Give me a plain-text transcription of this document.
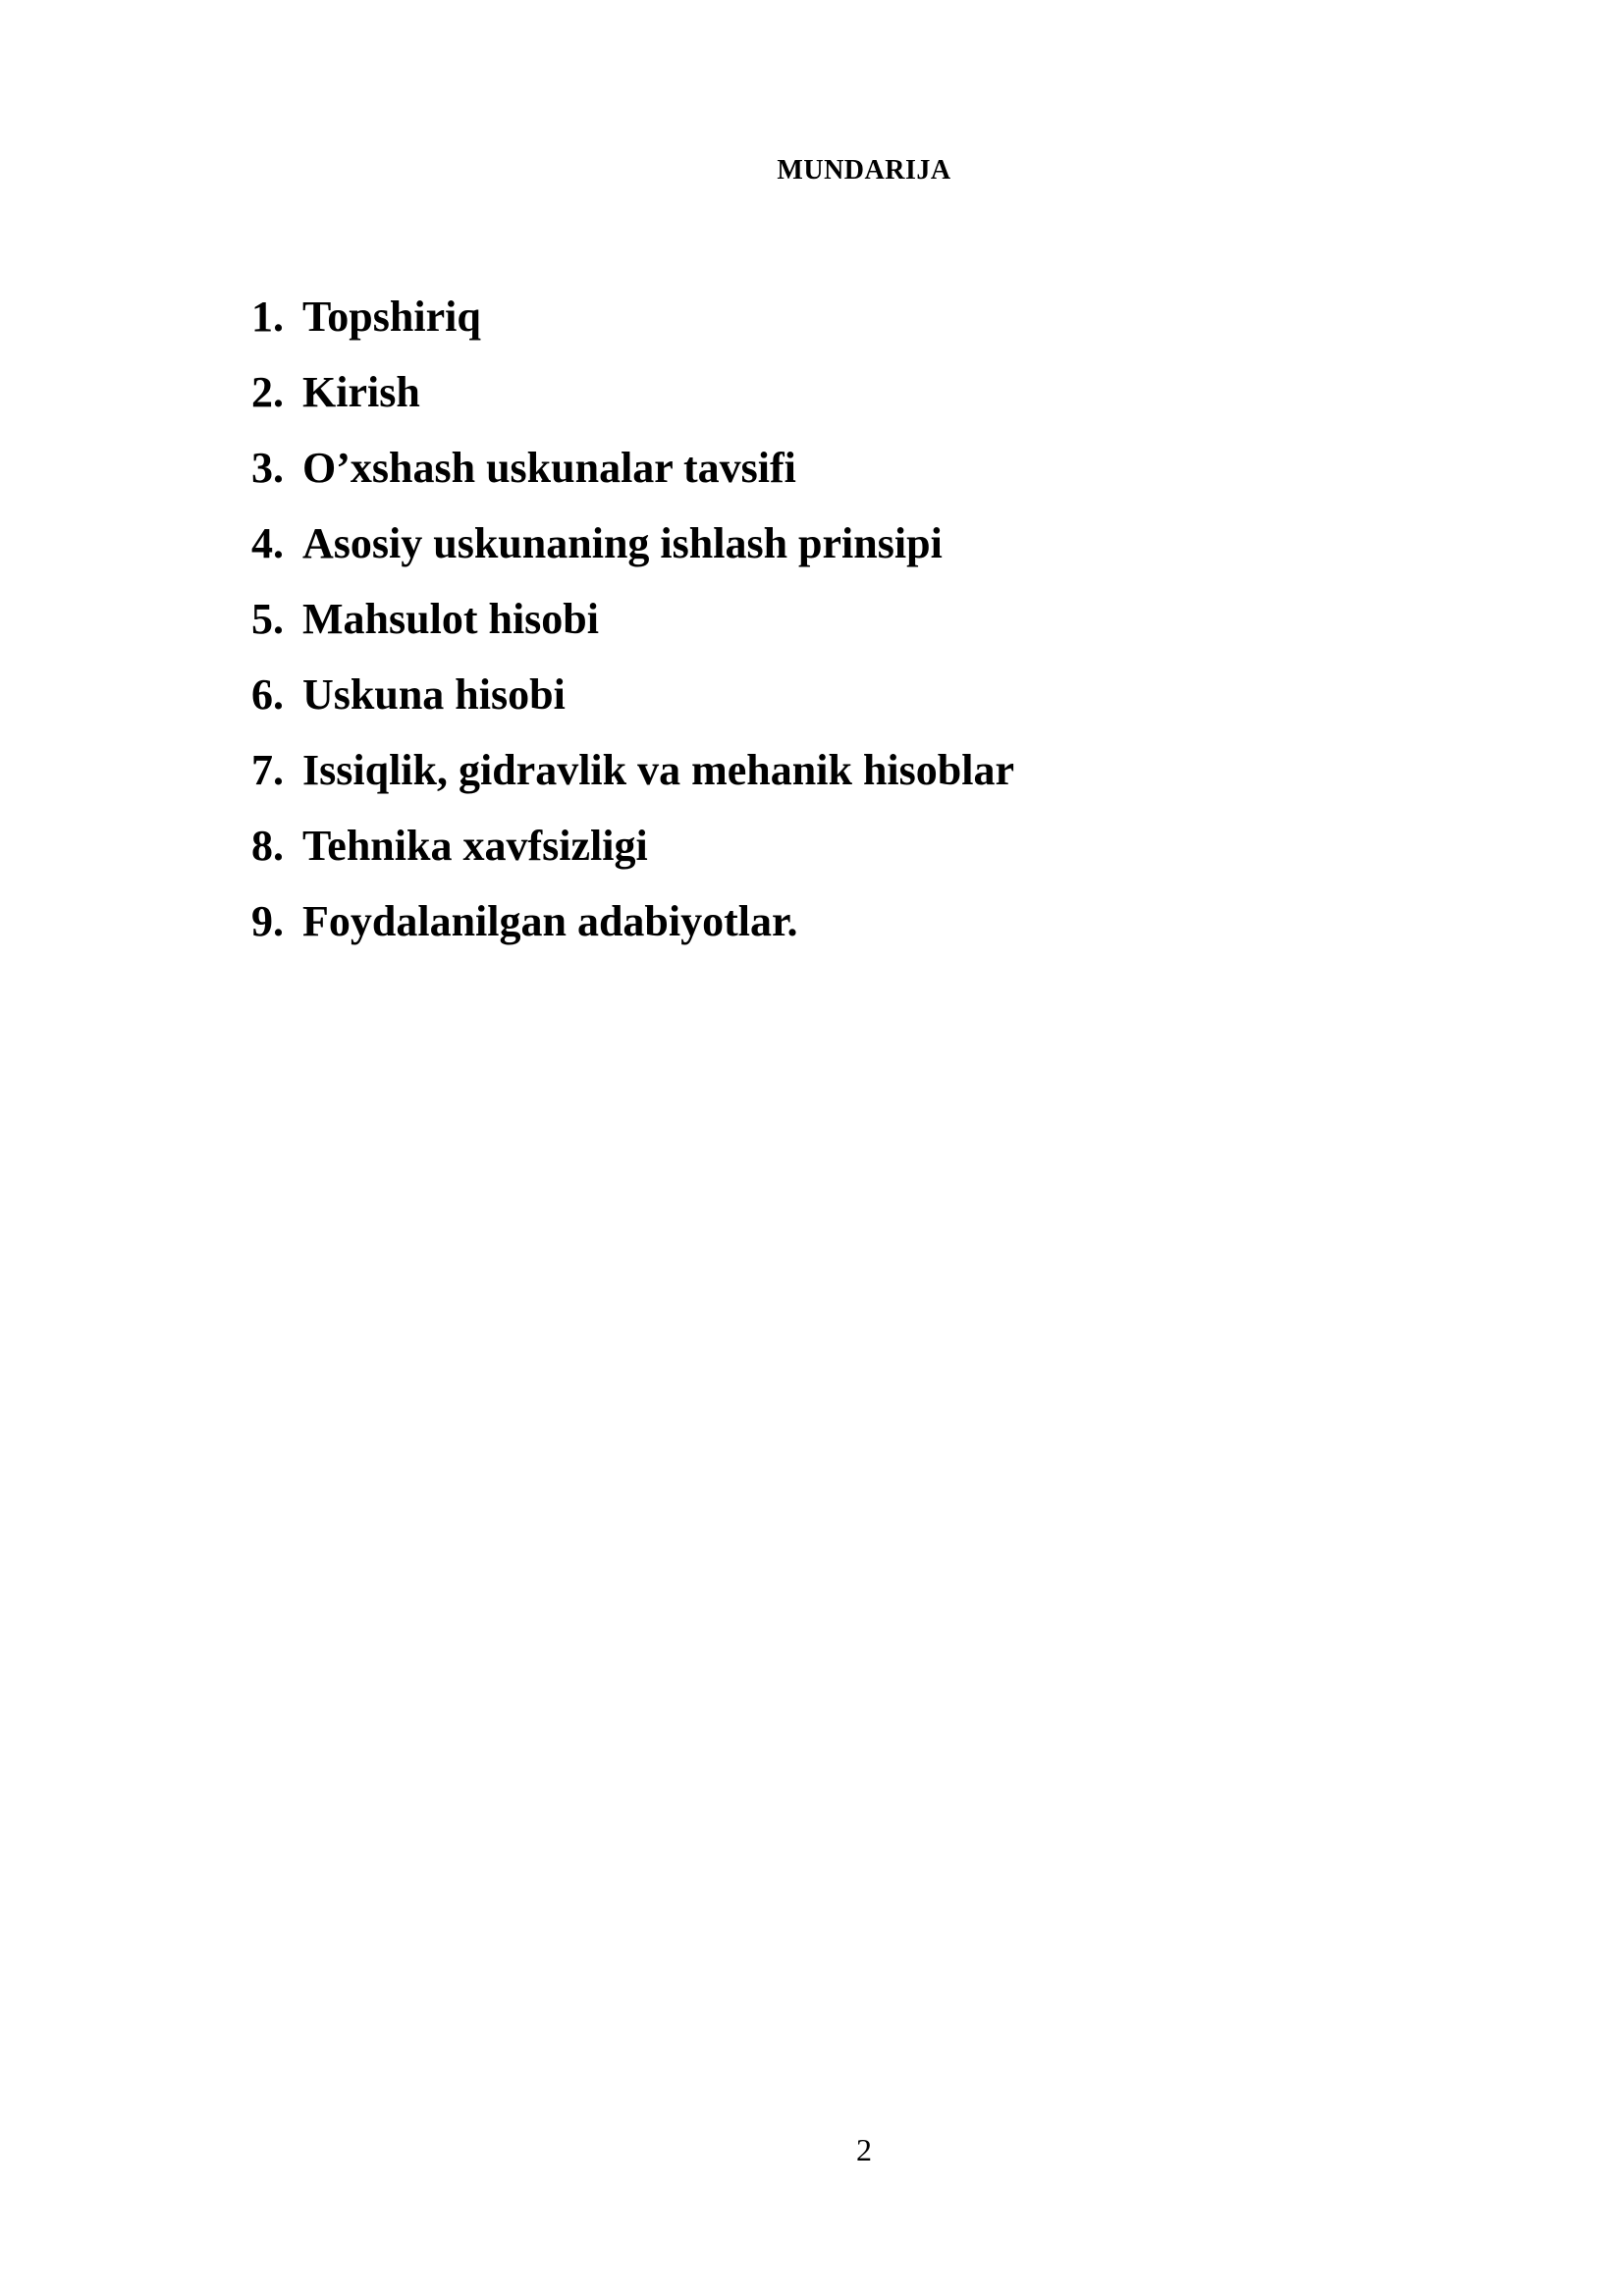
MUNDARIJA
1. Topshiriq
2. Kirish
3. O’xshash uskunalar tavsifi
4. Asosiy uskunaning ishlash prinsipi
5. Mahsulot hisobi
6. Uskuna hisobi
7. Issiqlik, gidravlik va mehanik hisoblar
8. Tehnika xavfsizligi
9. Foydalanilgan adabiyotlar.
2
